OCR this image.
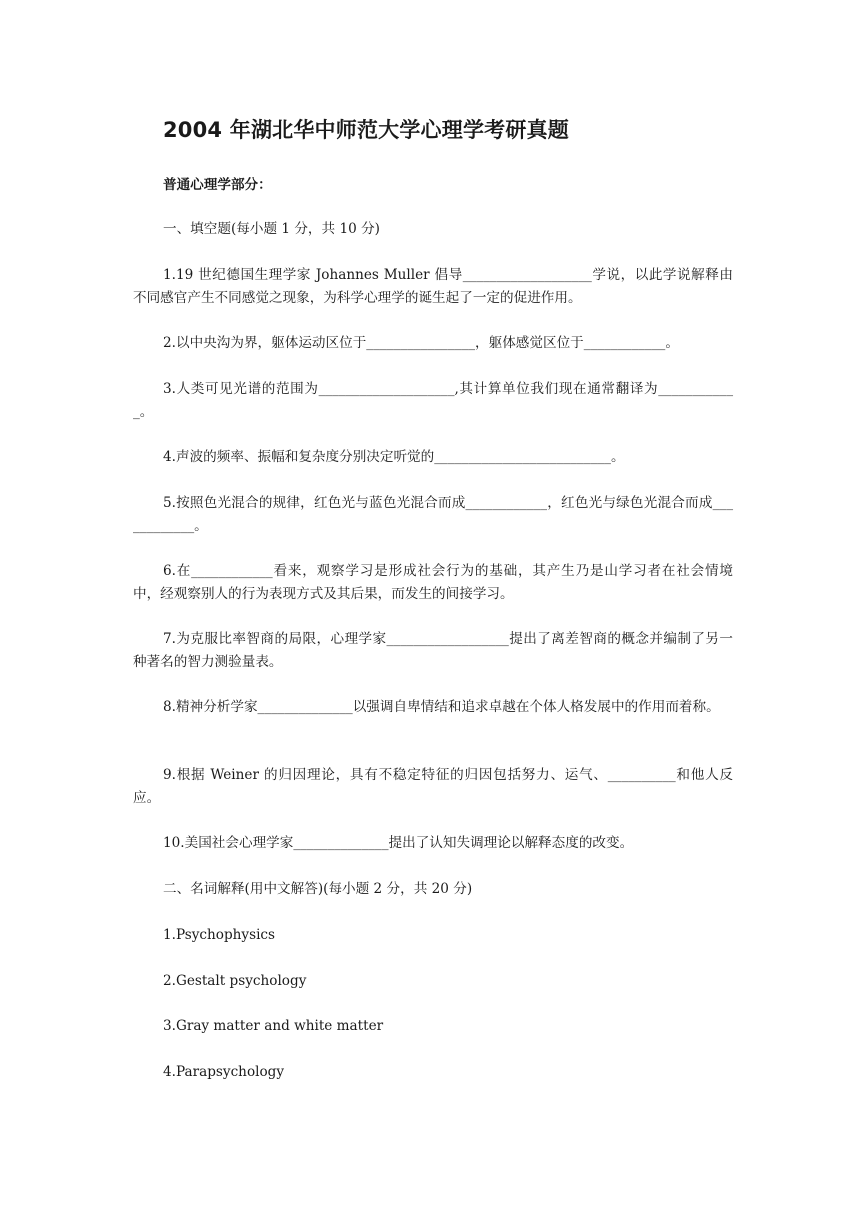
2004 年湖北华中师范大学心理学考研真题

普通心理学部分：

一、填空题(每小题 1 分，共 10 分)

1.19 世纪德国生理学家 Johannes Muller 倡导___________________学说，以此学说解释由不同感官产生不同感觉之现象，为科学心理学的诞生起了一定的促进作用。

2.以中央沟为界，躯体运动区位于________________，躯体感觉区位于____________。

3.人类可见光谱的范围为____________________,其计算单位我们现在通常翻译为____________。

4.声波的频率、振幅和复杂度分别决定听觉的__________________________。

5.按照色光混合的规律，红色光与蓝色光混合而成____________，红色光与绿色光混合而成____________。

6.在____________看来，观察学习是形成社会行为的基础，其产生乃是山学习者在社会情境中，经观察别人的行为表现方式及其后果，而发生的间接学习。

7.为克服比率智商的局限，心理学家__________________提出了离差智商的概念并编制了另一种著名的智力测验量表。

8.精神分析学家______________以强调自卑情结和追求卓越在个体人格发展中的作用而着称。

9.根据 Weiner 的归因理论，具有不稳定特征的归因包括努力、运气、__________和他人反应。

10.美国社会心理学家______________提出了认知失调理论以解释态度的改变。

二、名词解释(用中文解答)(每小题 2 分，共 20 分)

1.Psychophysics

2.Gestalt psychology

3.Gray matter and white matter

4.Parapsychology
